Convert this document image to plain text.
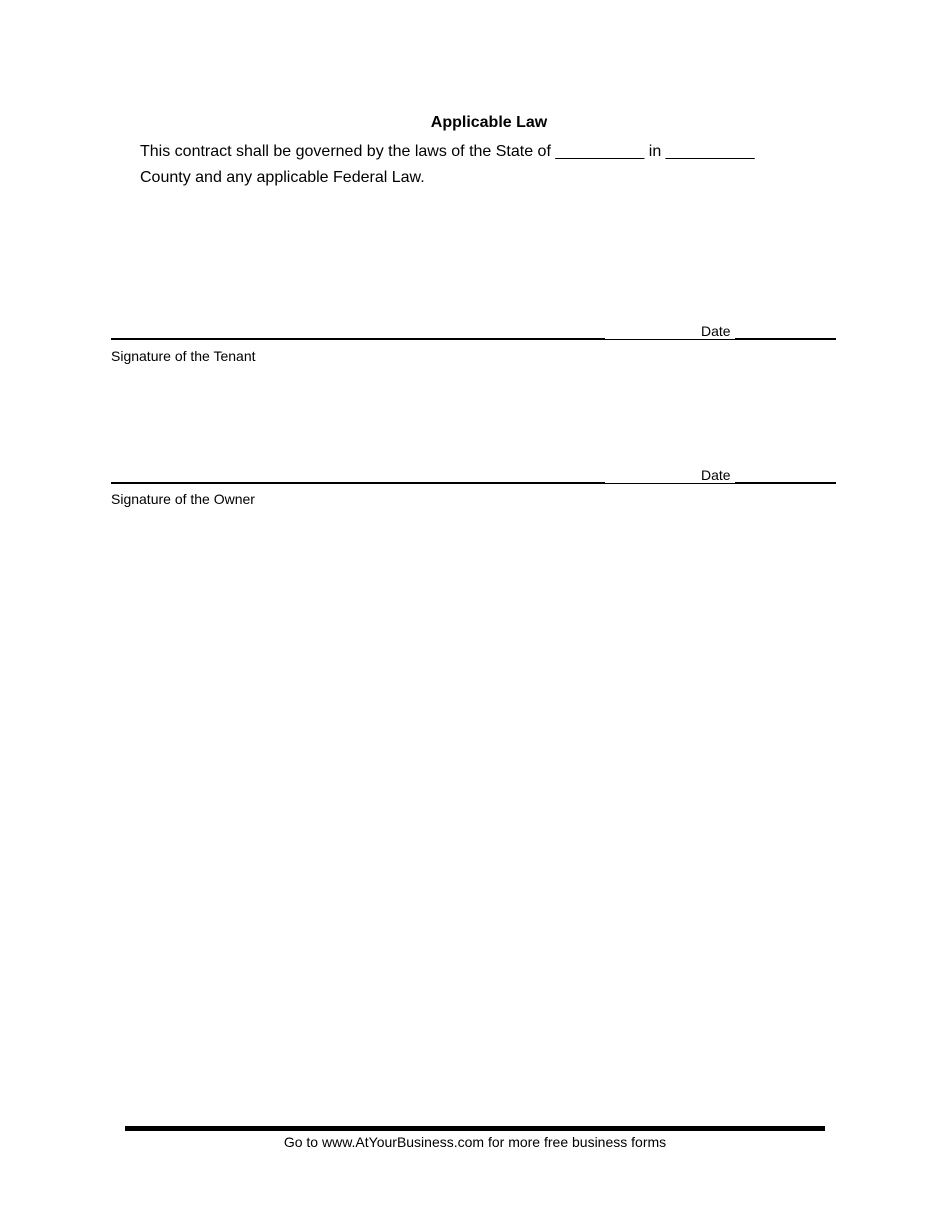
Applicable Law
This contract shall be governed by the laws of the State of __________ in __________
County and any applicable Federal Law.
Date
Signature of the Tenant
Date
Signature of the Owner
Go to www.AtYourBusiness.com for more free business forms
